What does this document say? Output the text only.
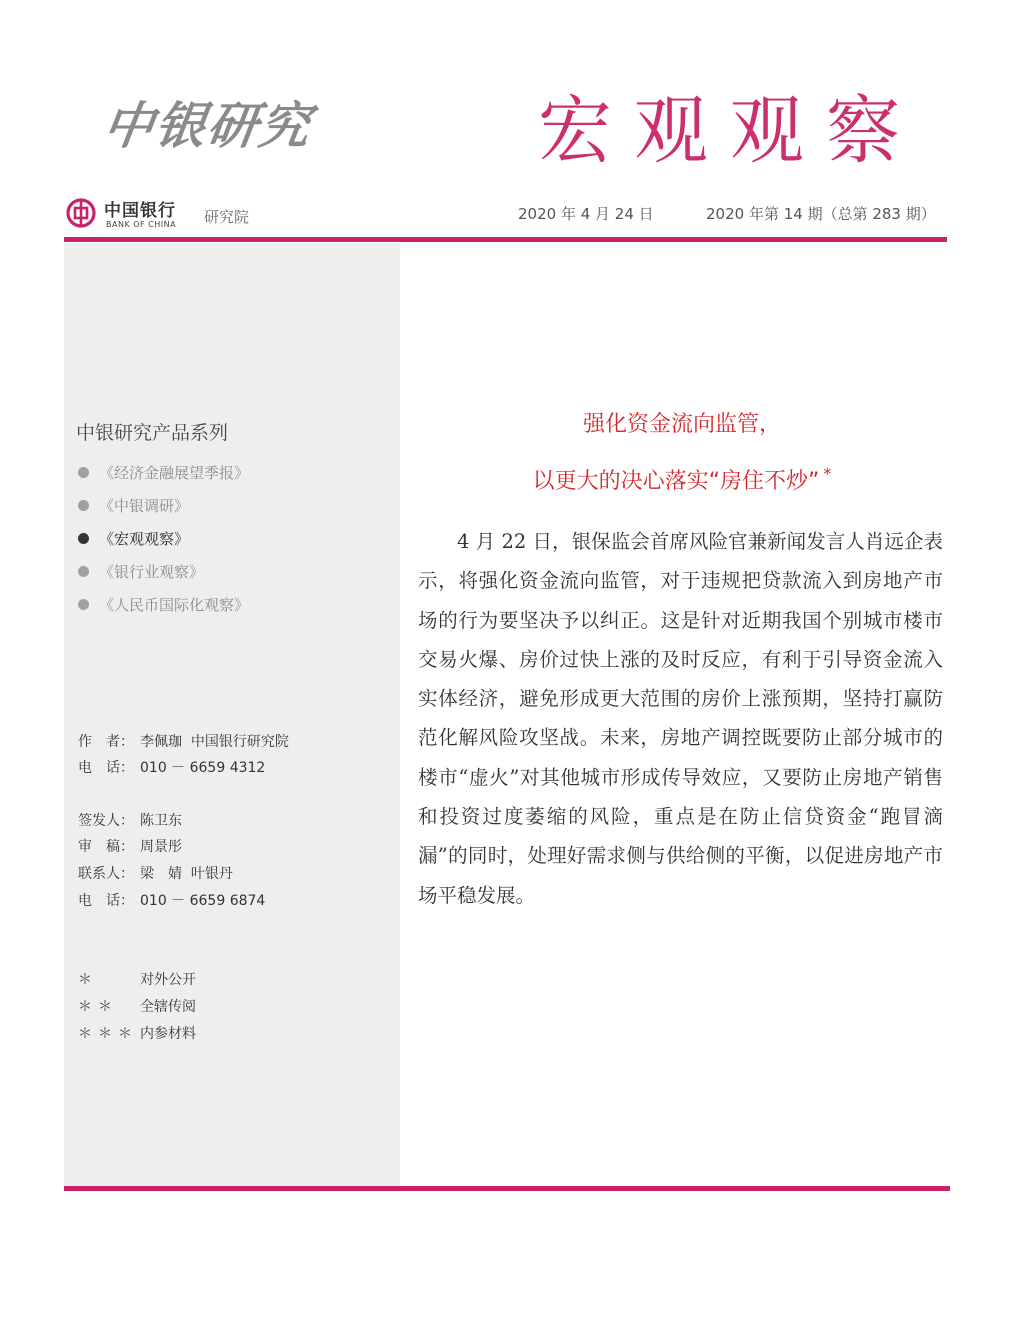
中银研究	宏观观察
中国银行
BANK OF CHINA 研究院	2020 年 4 月 24 日	2020 年第 14 期（总第 283 期）
中银研究产品系列
《经济金融展望季报》
《中银调研》
《宏观观察》
《银行业观察》
《人民币国际化观察》
作　者： 李佩珈  中国银行研究院
电　话： 010 － 6659 4312
签发人： 陈卫东
审　稿： 周景彤
联系人： 梁　婧  叶银丹
电　话： 010 － 6659 6874
＊	对外公开
＊＊ 全辖传阅
＊＊＊ 内参材料
强化资金流向监管，
以更大的决心落实“房住不炒” *

4 月 22 日，银保监会首席风险官兼新闻发言人肖远企表示，将强化资金流向监管，对于违规把贷款流入到房地产市场的行为要坚决予以纠正。这是针对近期我国个别城市楼市交易火爆、房价过快上涨的及时反应，有利于引导资金流入实体经济，避免形成更大范围的房价上涨预期，坚持打赢防范化解风险攻坚战。未来，房地产调控既要防止部分城市的楼市“虚火”对其他城市形成传导效应，又要防止房地产销售和投资过度萎缩的风险，重点是在防止信贷资金“跑冒滴漏”的同时，处理好需求侧与供给侧的平衡，以促进房地产市场平稳发展。
